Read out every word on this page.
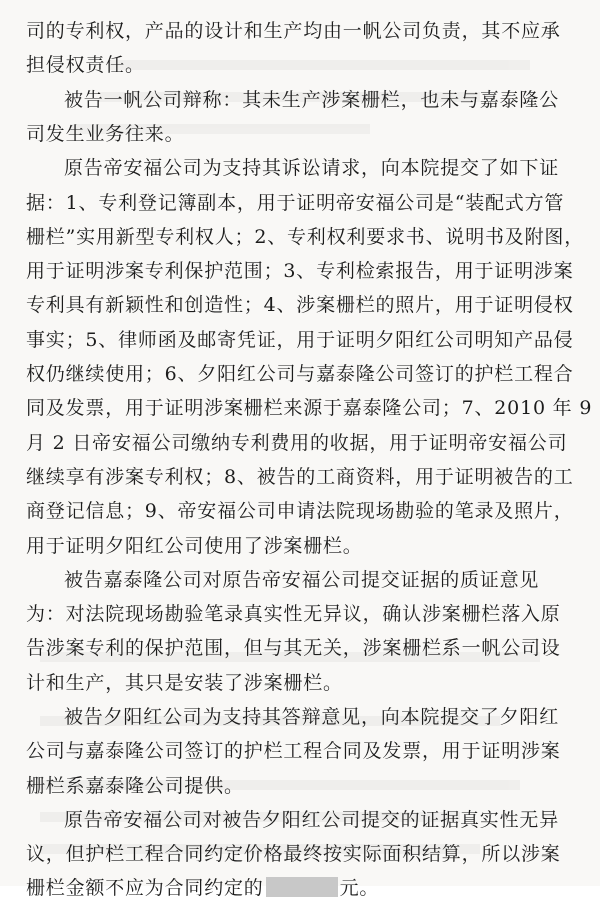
司的专利权，产品的设计和生产均由一帆公司负责，其不应承

担侵权责任。

被告一帆公司辩称：其未生产涉案栅栏，也未与嘉泰隆公

司发生业务往来。

原告帝安福公司为支持其诉讼请求，向本院提交了如下证

据：1、专利登记簿副本，用于证明帝安福公司是“装配式方管

栅栏”实用新型专利权人；2、专利权利要求书、说明书及附图，

用于证明涉案专利保护范围；3、专利检索报告，用于证明涉案

专利具有新颖性和创造性；4、涉案栅栏的照片，用于证明侵权

事实；5、律师函及邮寄凭证，用于证明夕阳红公司明知产品侵

权仍继续使用；6、夕阳红公司与嘉泰隆公司签订的护栏工程合

同及发票，用于证明涉案栅栏来源于嘉泰隆公司；7、2010 年 9

月 2 日帝安福公司缴纳专利费用的收据，用于证明帝安福公司

继续享有涉案专利权；8、被告的工商资料，用于证明被告的工

商登记信息；9、帝安福公司申请法院现场勘验的笔录及照片，

用于证明夕阳红公司使用了涉案栅栏。

被告嘉泰隆公司对原告帝安福公司提交证据的质证意见

为：对法院现场勘验笔录真实性无异议，确认涉案栅栏落入原

告涉案专利的保护范围，但与其无关，涉案栅栏系一帆公司设

计和生产，其只是安装了涉案栅栏。

被告夕阳红公司为支持其答辩意见，向本院提交了夕阳红

公司与嘉泰隆公司签订的护栏工程合同及发票，用于证明涉案

栅栏系嘉泰隆公司提供。

原告帝安福公司对被告夕阳红公司提交的证据真实性无异

议，但护栏工程合同约定价格最终按实际面积结算，所以涉案

栅栏金额不应为合同约定的	元。
